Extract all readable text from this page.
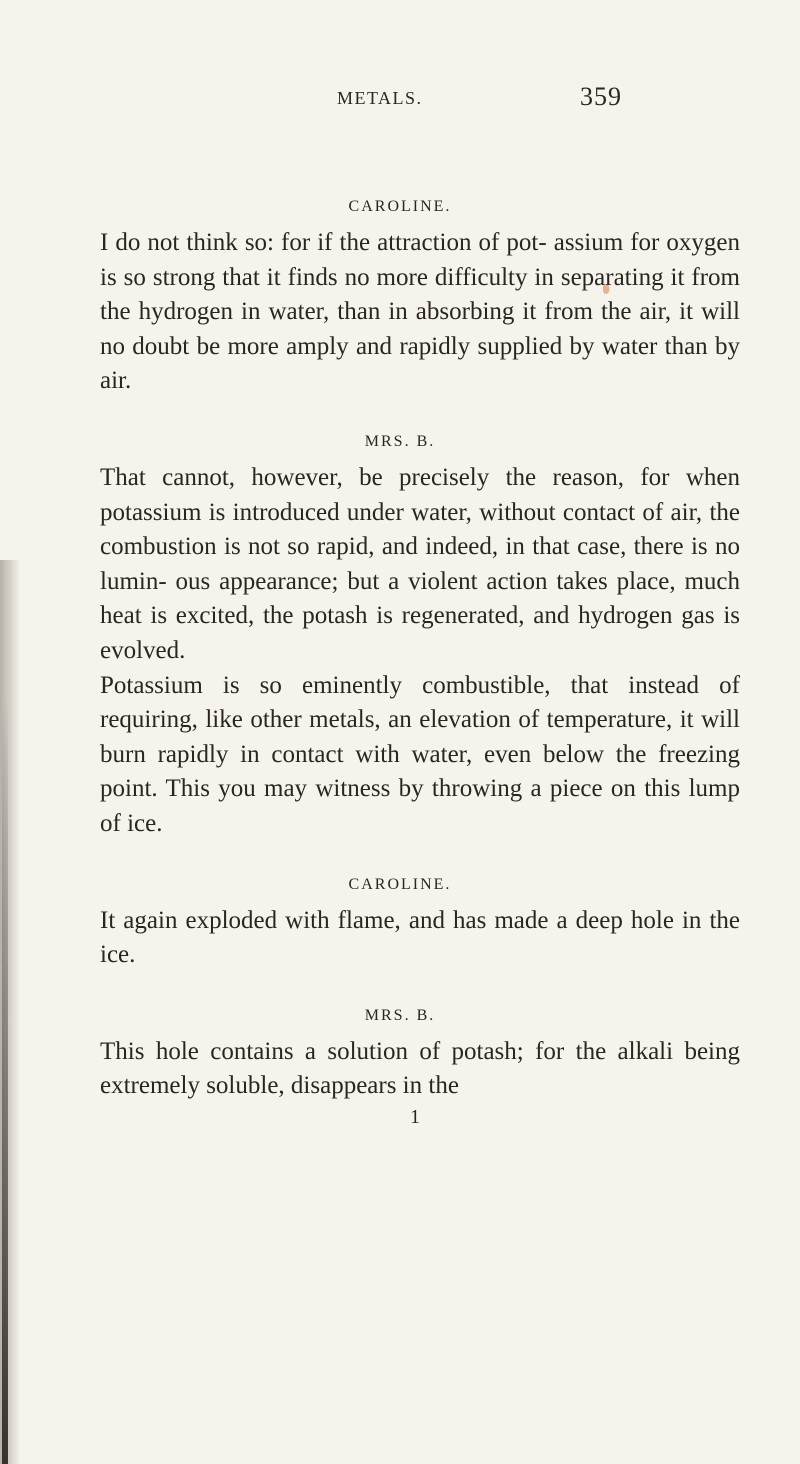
METALS.	359
CAROLINE.

I do not think so: for if the attraction of pot- assium for oxygen is so strong that it finds no more difficulty in separating it from the hydrogen in water, than in absorbing it from the air, it will no doubt be more amply and rapidly supplied by water than by air.

MRS. B.

That cannot, however, be precisely the reason, for when potassium is introduced under water, without contact of air, the combustion is not so rapid, and indeed, in that case, there is no lumin- ous appearance; but a violent action takes place, much heat is excited, the potash is regenerated, and hydrogen gas is evolved.

Potassium is so eminently combustible, that instead of requiring, like other metals, an elevation of temperature, it will burn rapidly in contact with water, even below the freezing point. This you may witness by throwing a piece on this lump of ice.

CAROLINE.

It again exploded with flame, and has made a deep hole in the ice.

MRS. B.

This hole contains a solution of potash; for the alkali being extremely soluble, disappears in the

1
